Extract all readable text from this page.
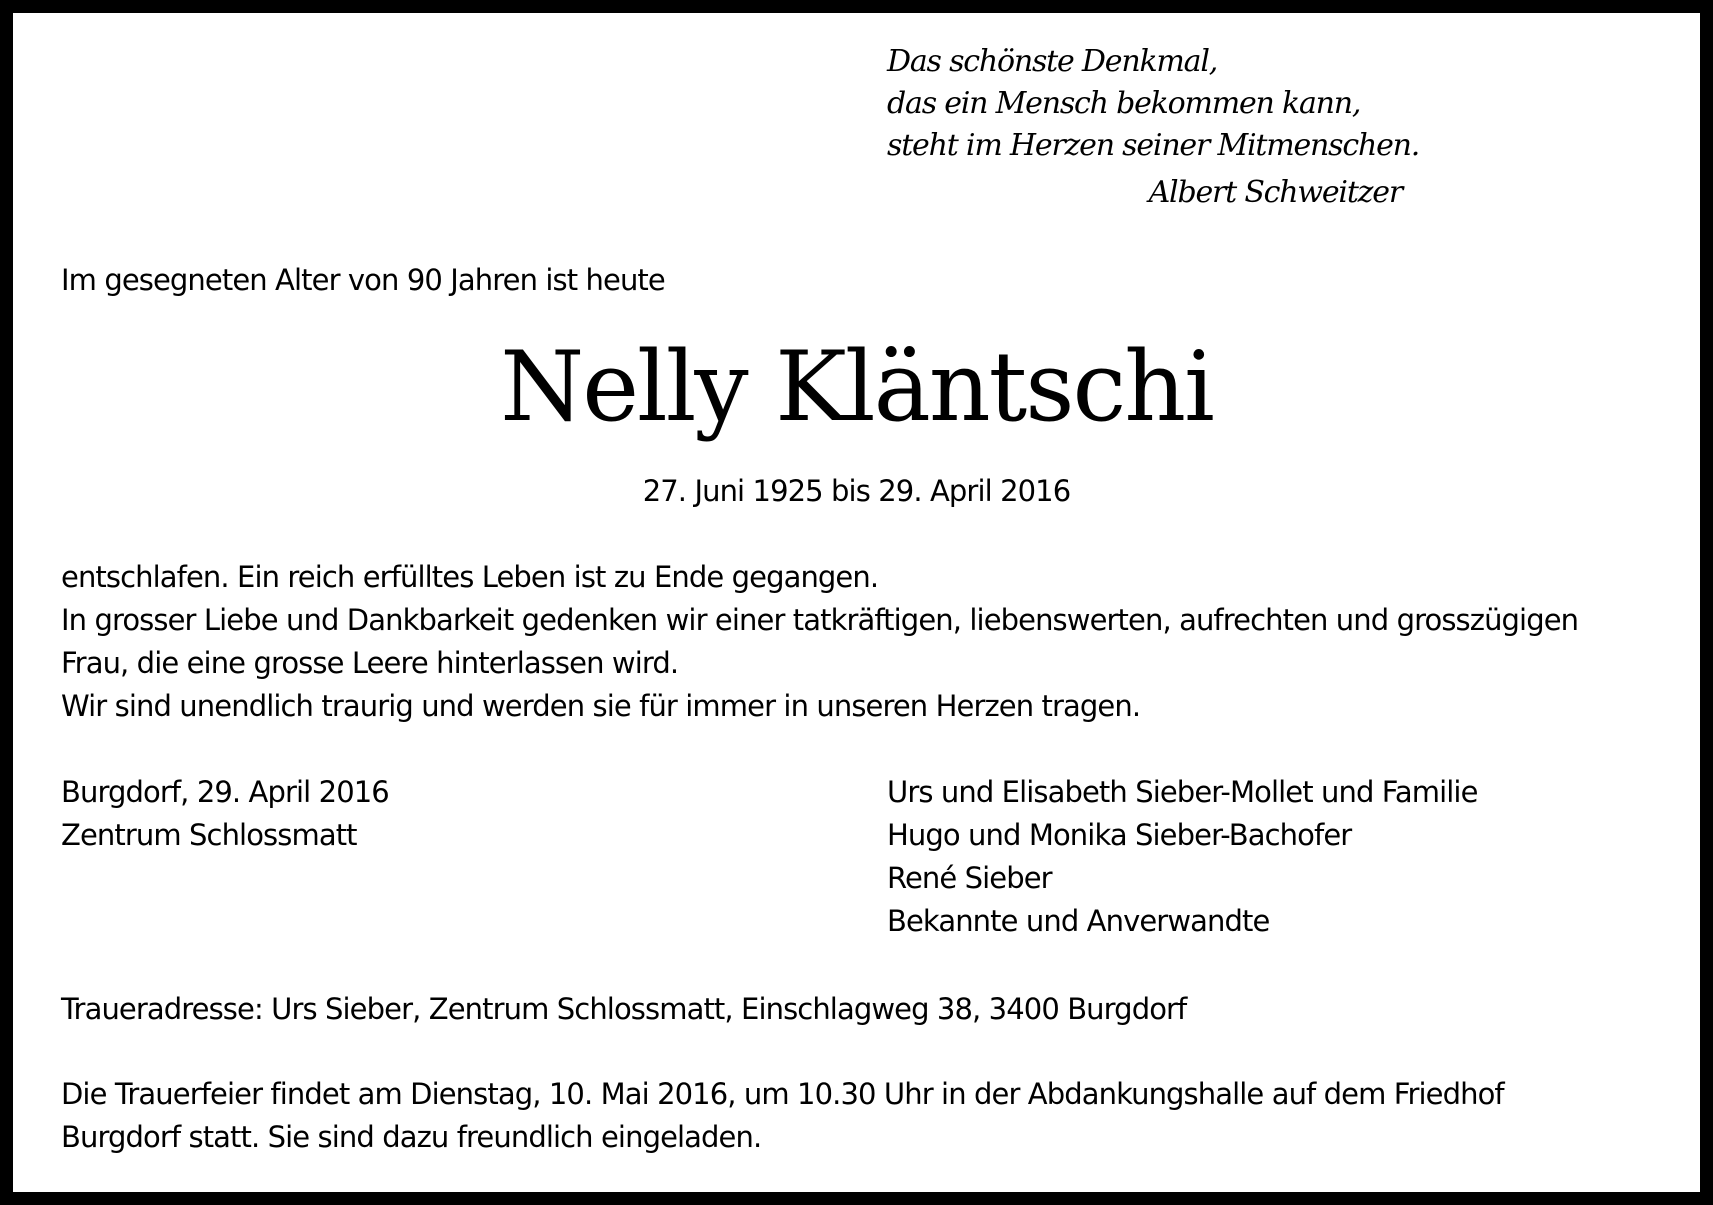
Das schönste Denkmal,
das ein Mensch bekommen kann,
steht im Herzen seiner Mitmenschen.
Albert Schweitzer
Im gesegneten Alter von 90 Jahren ist heute
Nelly Kläntschi
27. Juni 1925 bis 29. April 2016
entschlafen. Ein reich erfülltes Leben ist zu Ende gegangen.
In grosser Liebe und Dankbarkeit gedenken wir einer tatkräftigen, liebenswerten, aufrechten und grosszügigen
Frau, die eine grosse Leere hinterlassen wird.
Wir sind unendlich traurig und werden sie für immer in unseren Herzen tragen.
Burgdorf, 29. April 2016
Zentrum Schlossmatt
Urs und Elisabeth Sieber-Mollet und Familie
Hugo und Monika Sieber-Bachofer
René Sieber
Bekannte und Anverwandte
Traueradresse: Urs Sieber, Zentrum Schlossmatt, Einschlagweg 38, 3400 Burgdorf
Die Trauerfeier findet am Dienstag, 10. Mai 2016, um 10.30 Uhr in der Abdankungshalle auf dem Friedhof
Burgdorf statt. Sie sind dazu freundlich eingeladen.
